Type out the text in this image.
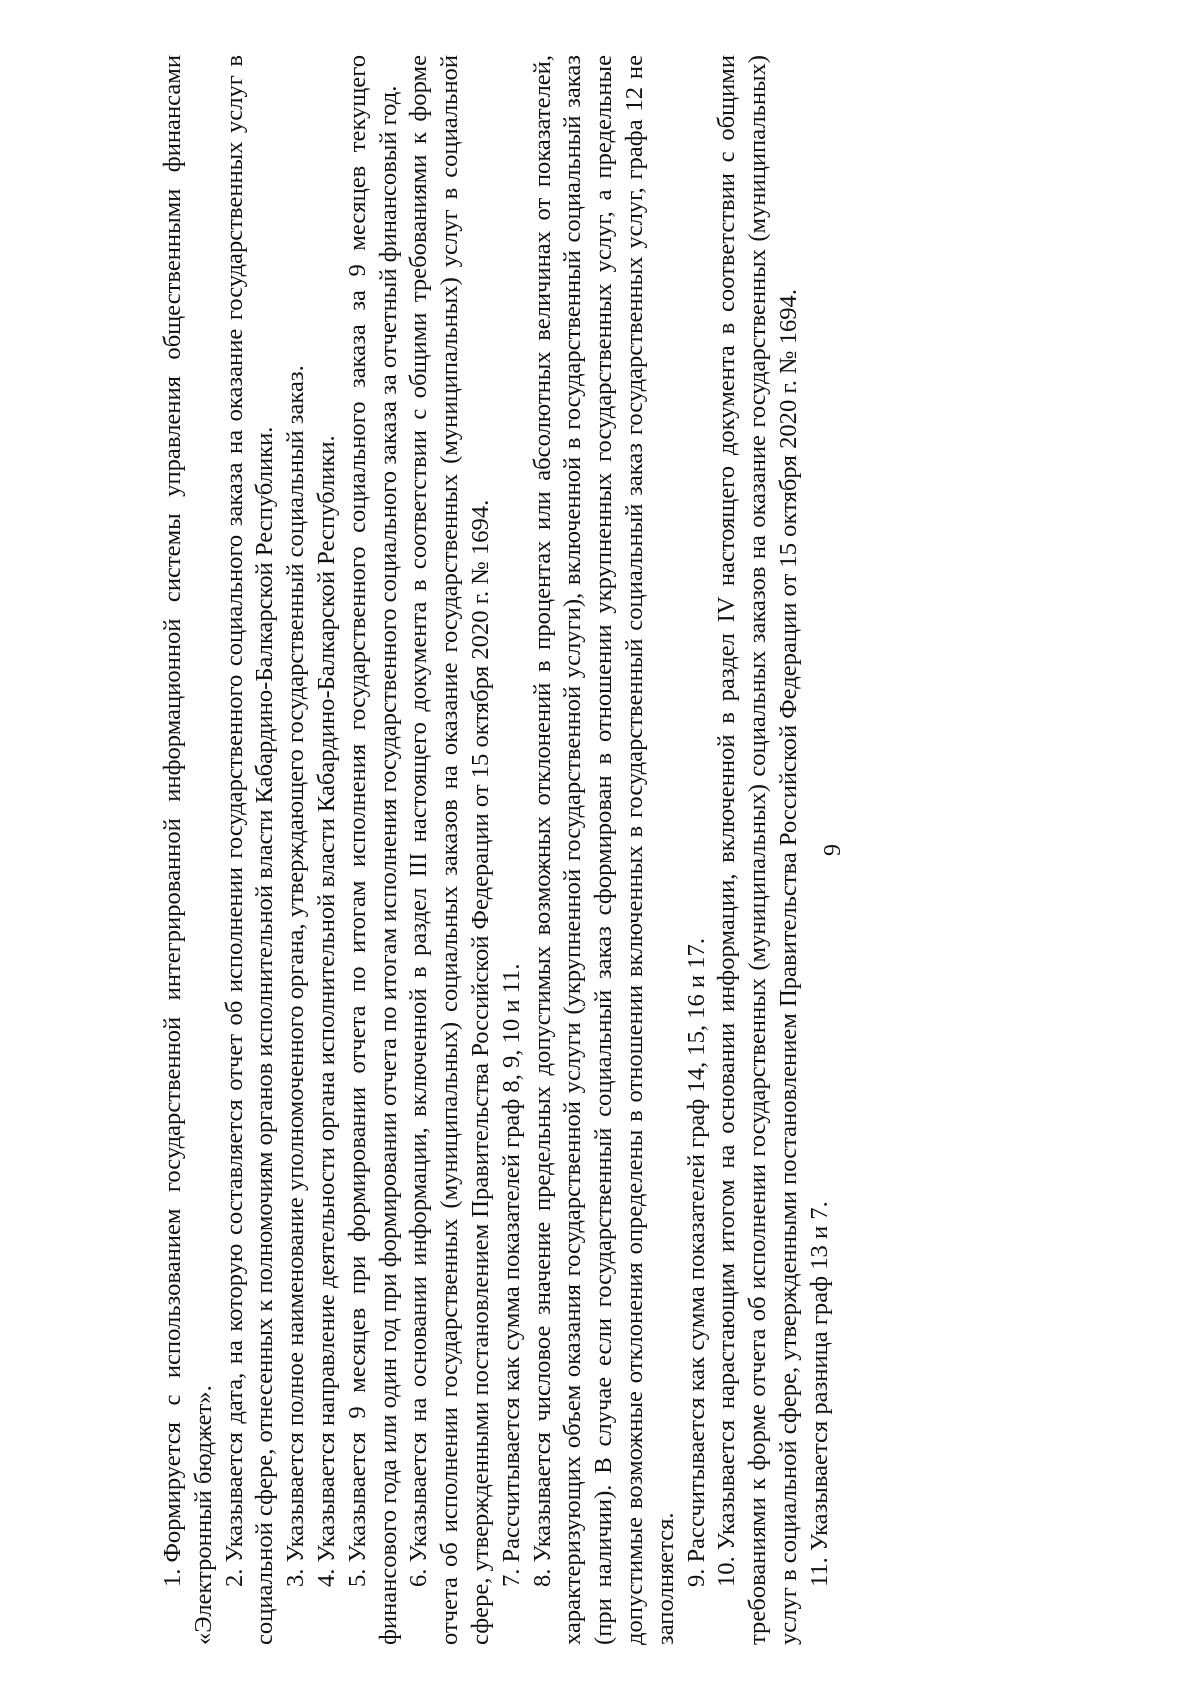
1.Формируется с использованием государственной интегрированной информационной системы управления общественными финансами «Электронный бюджет». 2.Указывается дата, на которую составляется отчет об исполнении государственного социального заказа на оказание государственных услуг в социальной сфере, отнесенных к полномочиям органов исполнительной власти Кабардино-Балкарской Республики. 3.Указывается полное наименование уполномоченного органа, утверждающего государственный социальный заказ.

4.Указывается направление деятельности органа исполнительной власти Кабардино-Балкарской Республики.

5.Указывается 9 месяцев при формировании отчета по итогам исполнения государственного социального заказа за 9 месяцев текущего финансового года или один год при формировании отчета по итогам исполнения государственного социального заказа за отчетный финансовый год. 6.Указывается на основании информации, включенной в раздел III настоящего документа в соответствии с общими требованиями к форме отчета об исполнении государственных (муниципальных) социальных заказов на оказание государственных (муниципальных) услуг в социальной сфере, утвержденными постановлением Правительства Российской Федерации от 15 октября 2020 г. № 1694. 7.Рассчитывается как сумма показателей граф 8, 9, 10 и 11.

8.Указывается числовое значение предельных допустимых возможных отклонений в процентах или абсолютных величинах от показателей, характеризующих объем оказания государственной услуги (укрупненной государственной услуги), включенной в государственный социальный заказ (при наличии). В случае если государственный социальный заказ сформирован в отношении укрупненных государственных услуг, а предельные допустимые возможные отклонения определены в отношении включенных в государственный социальный заказ государственных услуг, графа 12 не заполняется. 9.Рассчитывается как сумма показателей граф 14, 15, 16 и 17.

10.Указывается нарастающим итогом на основании информации, включенной в раздел IV настоящего документа в соответствии с общими требованиями к форме отчета об исполнении государственных (муниципальных) социальных заказов на оказание государственных (муниципальных) услуг в социальной сфере, утвержденными постановлением Правительства Российской Федерации от 15 октября 2020 г. № 1694. 11.Указывается разница граф 13 и 7.

9
